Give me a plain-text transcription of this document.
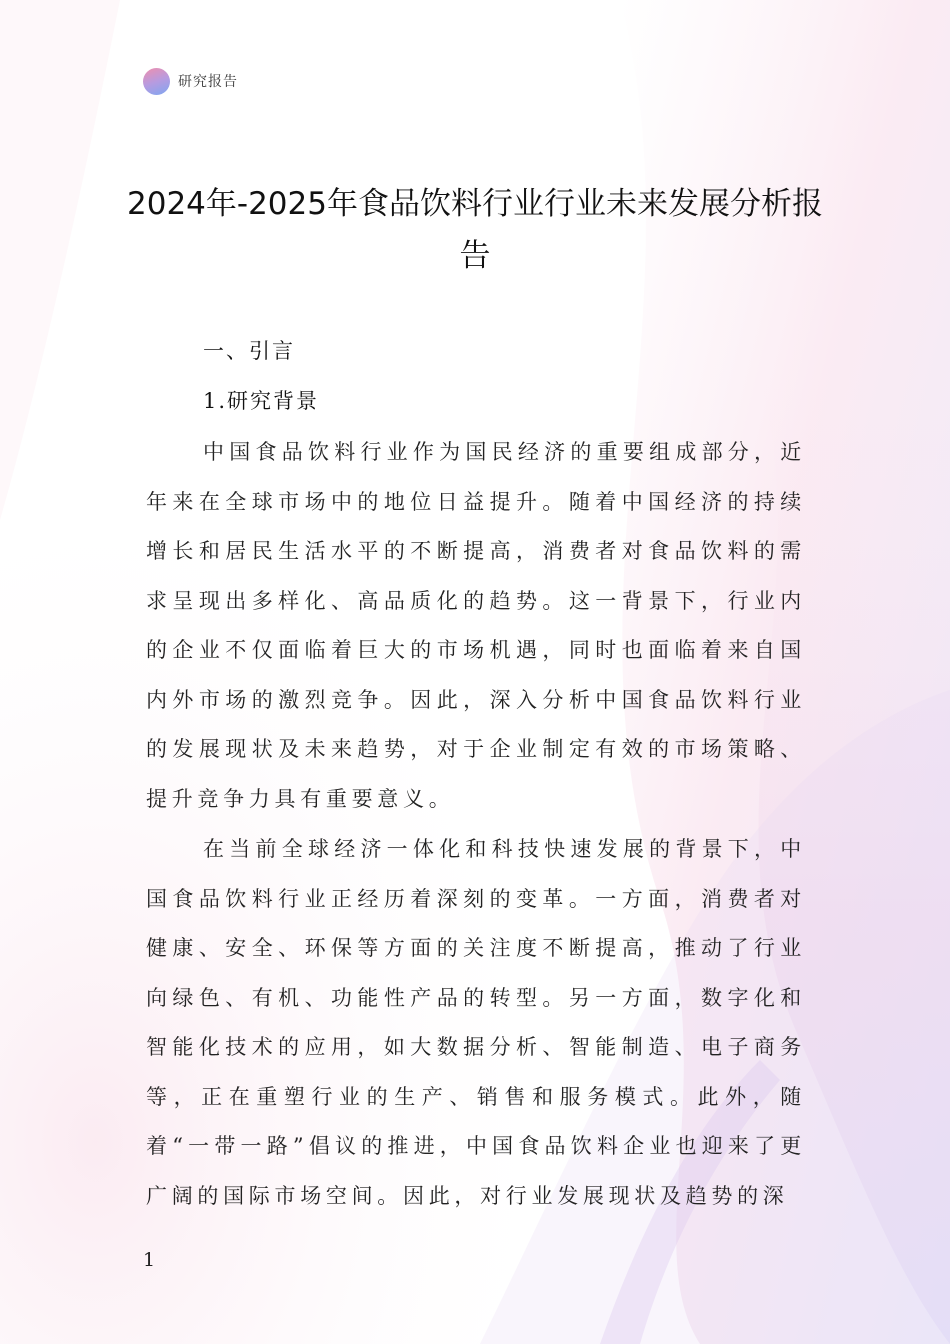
研究报告
2024年-2025年食品饮料行业行业未来发展分析报告
一、引言
1.研究背景

中国食品饮料行业作为国民经济的重要组成部分，近年来在全球市场中的地位日益提升。随着中国经济的持续增长和居民生活水平的不断提高，消费者对食品饮料的需求呈现出多样化、高品质化的趋势。这一背景下，行业内的企业不仅面临着巨大的市场机遇，同时也面临着来自国内外市场的激烈竞争。因此，深入分析中国食品饮料行业的发展现状及未来趋势，对于企业制定有效的市场策略、提升竞争力具有重要意义。

在当前全球经济一体化和科技快速发展的背景下，中国食品饮料行业正经历着深刻的变革。一方面，消费者对健康、安全、环保等方面的关注度不断提高，推动了行业向绿色、有机、功能性产品的转型。另一方面，数字化和智能化技术的应用，如大数据分析、智能制造、电子商务等，正在重塑行业的生产、销售和服务模式。此外，随着“一带一路”倡议的推进，中国食品饮料企业也迎来了更广阔的国际市场空间。因此，对行业发展现状及趋势的深

1
